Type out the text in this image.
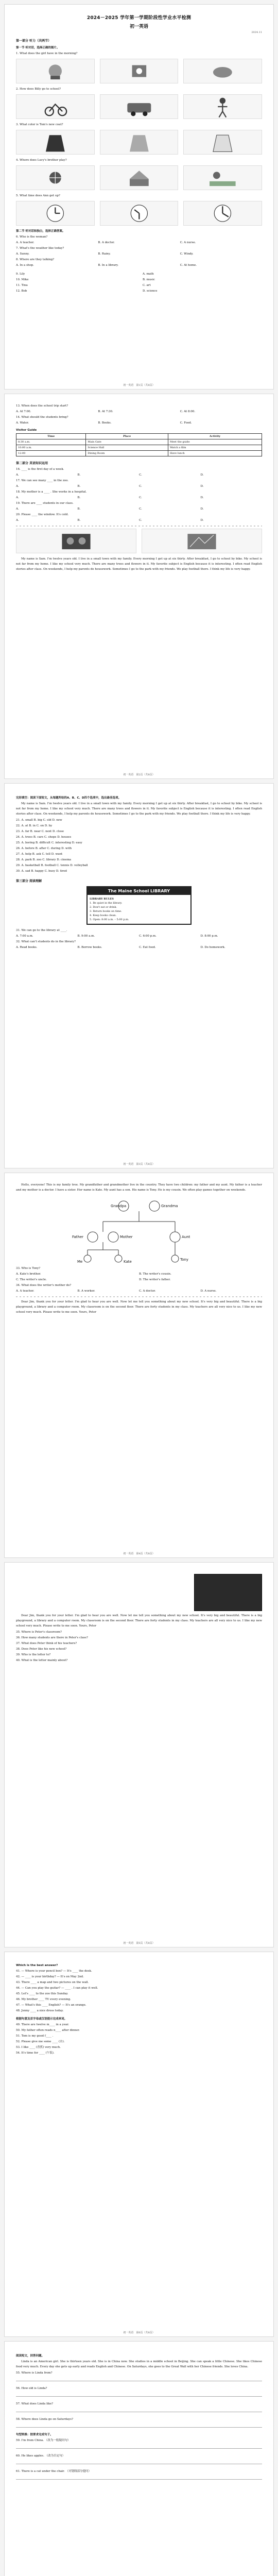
2024－2025 学年第一学期阶段性学业水平检测
初一英语
2024.11
第一部分 听力（共两节）
第一节 听对话，选择正确的图片。
1. What does the girl have in the morning?
2. How does Billy go to school?
3. What color is Tom's new coat?
4. Where does Lucy's brother play?
5. What time does Ann get up?
第二节 听对话和独白，选择正确答案。
6. Who is the woman?
A. A teacher.	B. A doctor.	C. A nurse.
7. What's the weather like today?
A. Sunny.	B. Rainy.	C. Windy.
8. Where are they talking?
A. In a shop.	B. In a library.	C. At home.
9. Lily
10. Mike
11. Tina
12. Bob
A. math
B. music
C. art
D. science
初一英语　第1页（共8页）
13. When does the school trip start?
A. At 7:00.	B. At 7:30.	C. At 8:00.
14. What should the students bring?
A. Water.	B. Books.	C. Food.
Visitor Guide
Time	Place	Activity
8:30 a.m.	Main Gate	Meet the guide
10:00 a.m.	Science Hall	Watch a film
12:00	Dining Room	Have lunch
第二部分 英语知识运用
16. ____ is the first day of a week.
A.	B.	C.	D.
17. We can see many ____ in the zoo.
A.	B.	C.	D.
18. My mother is a ____ . She works in a hospital.
A.	B.	C.	D.
19. There are ____ students in our class.
A.	B.	C.	D.
20. Please ____ the window. It's cold.
A.	B.	C.	D.

My name is Sam. I'm twelve years old. I live in a small town with my family. Every morning I get up at six thirty. After breakfast, I go to school by bike. My school is not far from my home. I like my school very much. There are many trees and flowers in it. My favorite subject is English because it is interesting. I often read English stories after class. On weekends, I help my parents do housework. Sometimes I go to the park with my friends. We play football there. I think my life is very happy.

初一英语　第2页（共8页）
完形填空：阅读下面短文，从每题所给的A、B、C、D四个选项中，选出最佳选项。

My name is Sam. I'm twelve years old. I live in a small town with my family. Every morning I get up at six thirty. After breakfast, I go to school by bike. My school is not far from my home. I like my school very much. There are many trees and flowers in it. My favorite subject is English because it is interesting. I often read English stories after class. On weekends, I help my parents do housework. Sometimes I go to the park with my friends. We play football there. I think my life is very happy.

21. A. small B. big C. old D. new
22. A. at B. in C. on D. by
23. A. far B. near C. next D. close
24. A. trees B. cars C. shops D. houses
25. A. boring B. difficult C. interesting D. easy
26. A. before B. after C. during D. with
27. A. help B. ask C. tell D. want
28. A. park B. zoo C. library D. cinema
29. A. basketball B. football C. tennis D. volleyball
30. A. sad B. happy C. busy D. tired
第三部分 阅读理解
The Maine School LIBRARY
LIBRARY RULES
1. Be quiet in the library.
2. Don't eat or drink.
3. Return books on time.
4. Keep books clean.
5. Open: 8:00 a.m. – 5:00 p.m.
31. We can go to the library at ____.
A. 7:00 a.m.	B. 9:00 a.m.	C. 6:00 p.m.	D. 8:00 p.m.
32. What can't students do in the library?
A. Read books.	B. Borrow books.	C. Eat food.	D. Do homework.
初一英语　第3页（共8页）

Hello, everyone! This is my family tree. My grandfather and grandmother live in the country. They have two children: my father and my aunt. My father is a teacher and my mother is a doctor. I have a sister. Her name is Kate. My aunt has a son. His name is Tony. He is my cousin. We often play games together on weekends.

Grandpa	Grandma
Father	Mother	Aunt
Me	Kate	Tony
33. Who is Tony?
A. Kate's brother.	B. The writer's cousin.
C. The writer's uncle.	D. The writer's father.
34. What does the writer's mother do?
A. A teacher.	B. A worker.	C. A doctor.	D. A nurse.

Dear Jim, thank you for your letter. I'm glad to hear you are well. Now let me tell you something about my new school. It's very big and beautiful. There is a big playground, a library and a computer room. My classroom is on the second floor. There are forty students in my class. My teachers are all very nice to us. I like my new school very much. Please write to me soon. Yours, Peter

初一英语　第4页（共8页）

Dear Jim, thank you for your letter. I'm glad to hear you are well. Now let me tell you something about my new school. It's very big and beautiful. There is a big playground, a library and a computer room. My classroom is on the second floor. There are forty students in my class. My teachers are all very nice to us. I like my new school very much. Please write to me soon. Yours, Peter

35. Where is Peter's classroom?
36. How many students are there in Peter's class?
37. What does Peter think of his teachers?
38. Does Peter like his new school?
39. Who is the letter to?
40. What is the letter mainly about?
初一英语　第5页（共8页）
Which is the best answer?
41. — Where is your pencil box? — It's ____ the desk.
42. — ____ is your birthday? — It's on May 2nd.
43. There ____ a map and two pictures on the wall.
44. — Can you play the guitar? — ____ . I can play it well.
45. Let's ____ to the zoo this Sunday.
46. My brother ____ TV every evening.
47. — What's this ____ English? — It's an orange.
48. Jenny ____ a nice dress today.
根据句意及首字母或汉语提示完成单词。
49. There are twelve m____ in a year.
50. My father often reads n____ after dinner.
51. Tom is my good f____ .
52. Please give me some ____ (水).
53. I like ____ (香蕉) very much.
54. It's time for ____ (午饭).
初一英语　第6页（共8页）
阅读短文，回答问题。

Linda is an American girl. She is thirteen years old. She is in China now. She studies in a middle school in Beijing. She can speak a little Chinese. She likes Chinese food very much. Every day she gets up early and reads English and Chinese. On Saturdays, she goes to the Great Wall with her Chinese friends. She loves China.

55. Where is Linda from?
56. How old is Linda?
57. What does Linda like?
58. Where does Linda go on Saturdays?
句型转换：按要求完成句子。
59. I'm from China. （改为一般疑问句）
60. He likes apples. （改为否定句）
61. There is a cat under the chair. （对划线部分提问）
